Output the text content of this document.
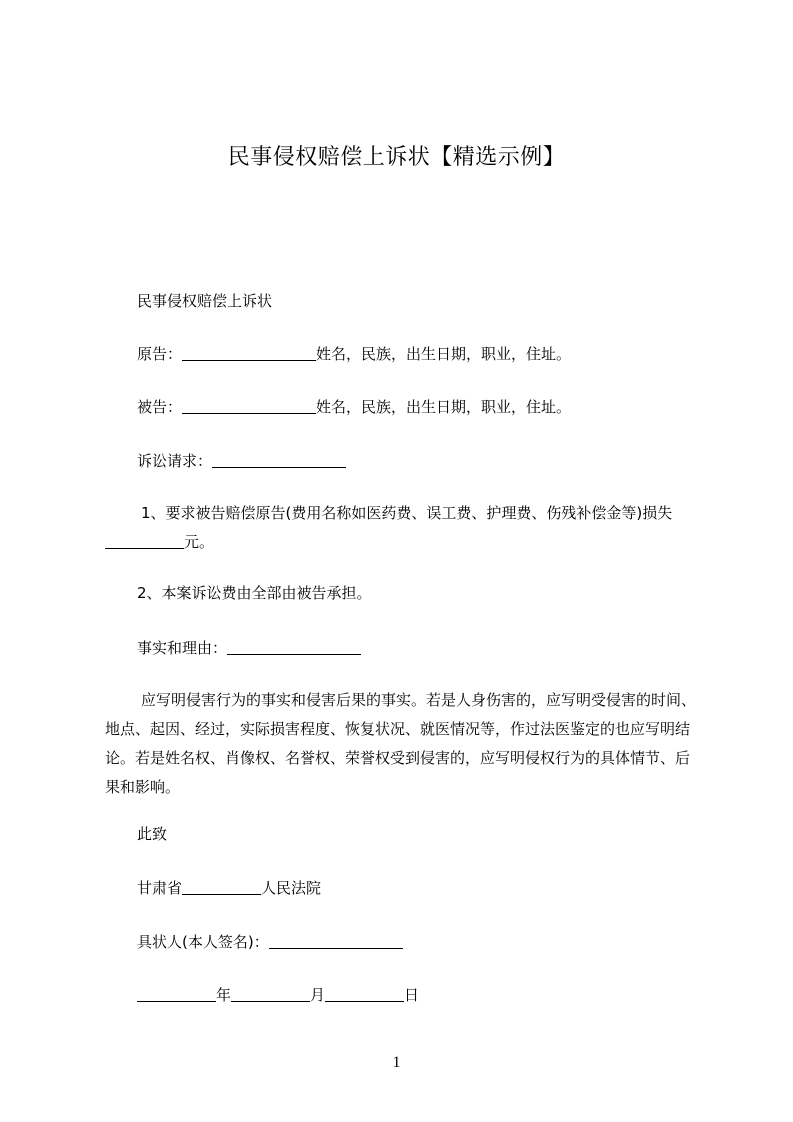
民事侵权赔偿上诉状【精选示例】
民事侵权赔偿上诉状
原告：	姓名，民族，出生日期，职业，住址。
被告：	姓名，民族，出生日期，职业，住址。
诉讼请求：
1、要求被告赔偿原告(费用名称如医药费、误工费、护理费、伤残补偿金等)损失
元。
2、本案诉讼费由全部由被告承担。
事实和理由：
应写明侵害行为的事实和侵害后果的事实。若是人身伤害的，应写明受侵害的时间、地点、起因、经过，实际损害程度、恢复状况、就医情况等，作过法医鉴定的也应写明结论。若是姓名权、肖像权、名誉权、荣誉权受到侵害的，应写明侵权行为的具体情节、后果和影响。
此致
甘肃省	人民法院
具状人(本人签名)：
年	月	日
1
